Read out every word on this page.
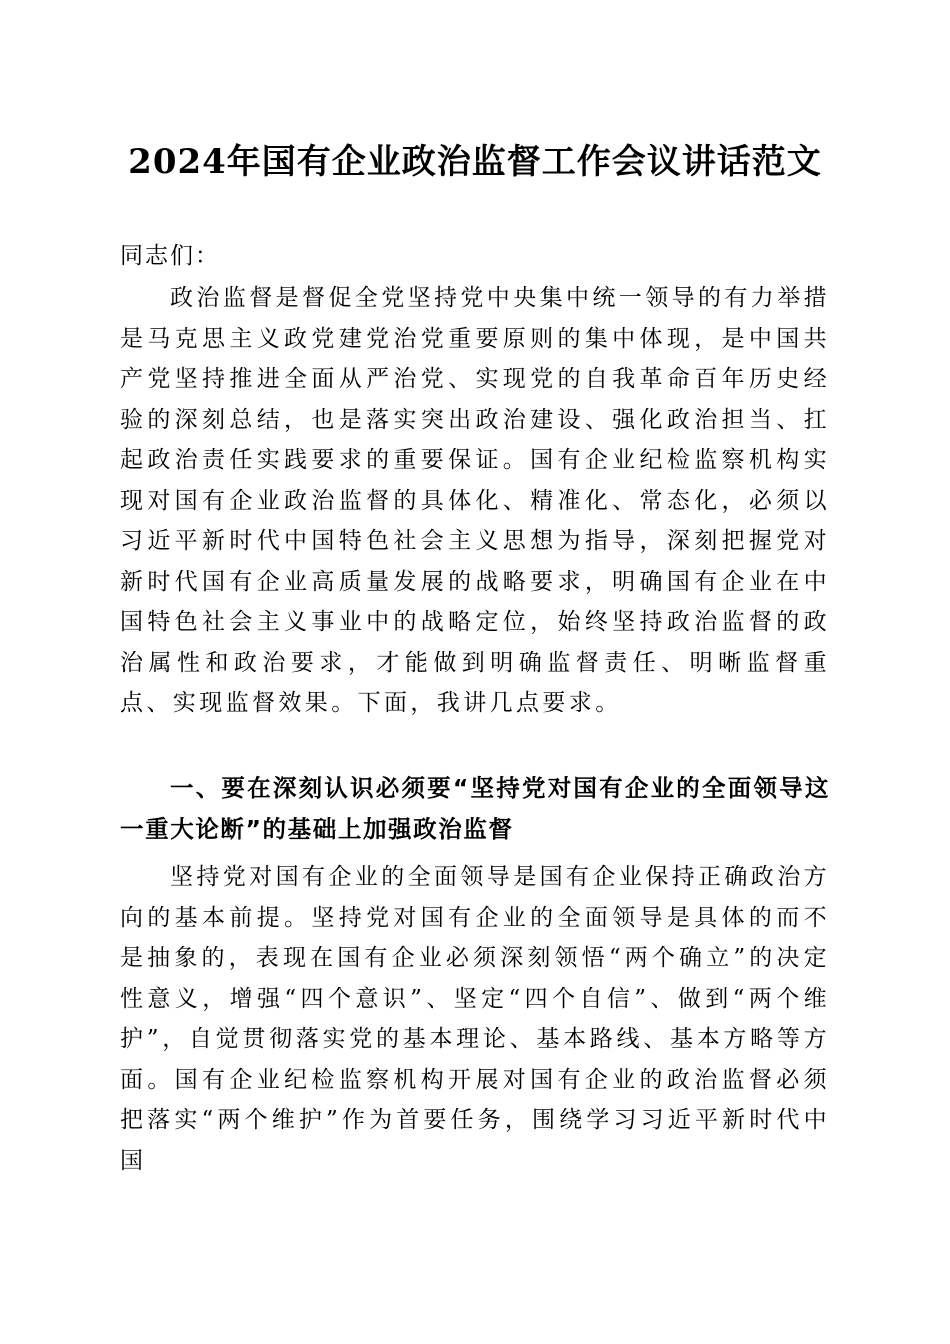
2024年国有企业政治监督工作会议讲话范文
同志们：
政治监督是督促全党坚持党中央集中统一领导的有力举措是马克思主义政党建党治党重要原则的集中体现，是中国共产党坚持推进全面从严治党、实现党的自我革命百年历史经验的深刻总结，也是落实突出政治建设、强化政治担当、扛起政治责任实践要求的重要保证。国有企业纪检监察机构实现对国有企业政治监督的具体化、精准化、常态化，必须以习近平新时代中国特色社会主义思想为指导，深刻把握党对新时代国有企业高质量发展的战略要求，明确国有企业在中国特色社会主义事业中的战略定位，始终坚持政治监督的政治属性和政治要求，才能做到明确监督责任、明晰监督重点、实现监督效果。下面，我讲几点要求。
一、要在深刻认识必须要“坚持党对国有企业的全面领导这一重大论断”的基础上加强政治监督
坚持党对国有企业的全面领导是国有企业保持正确政治方向的基本前提。坚持党对国有企业的全面领导是具体的而不是抽象的，表现在国有企业必须深刻领悟“两个确立”的决定性意义，增强“四个意识”、坚定“四个自信”、做到“两个维护”，自觉贯彻落实党的基本理论、基本路线、基本方略等方面。国有企业纪检监察机构开展对国有企业的政治监督必须把落实“两个维护”作为首要任务，围绕学习习近平新时代中国
